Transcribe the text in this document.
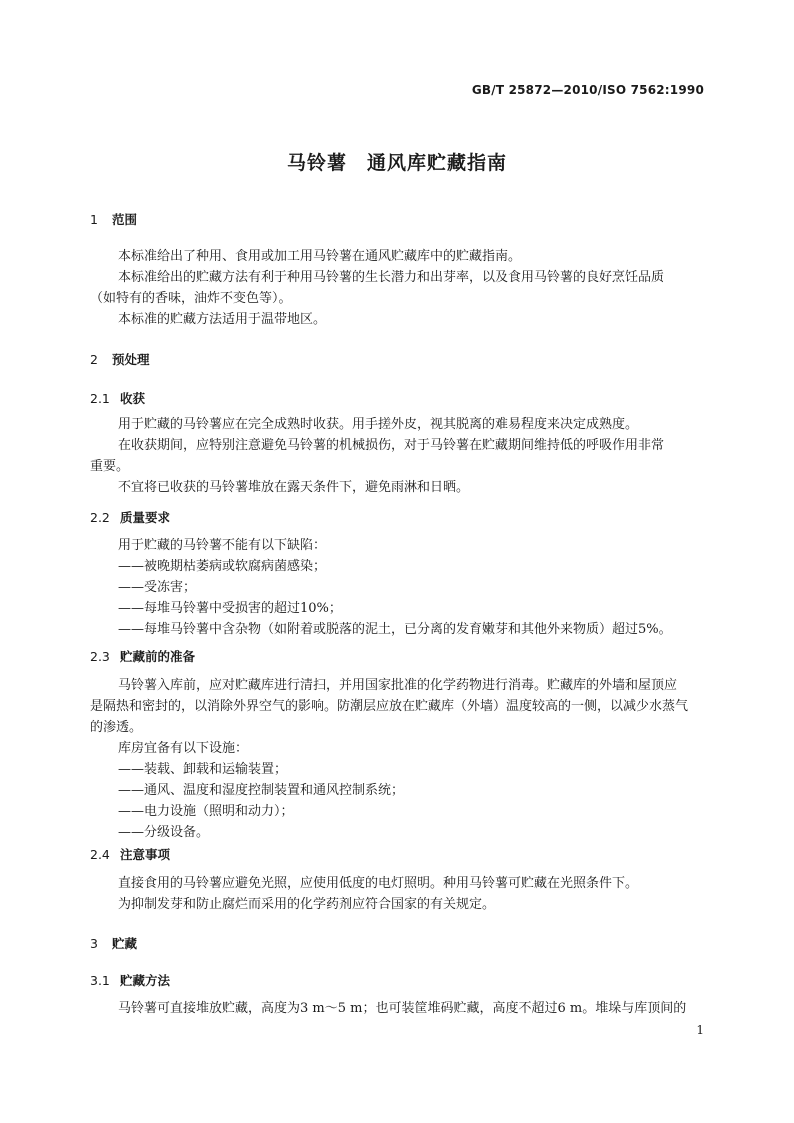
GB/T 25872—2010/ISO 7562:1990
马铃薯　通风库贮藏指南
1 范围
本标准给出了种用、食用或加工用马铃薯在通风贮藏库中的贮藏指南。
本标准给出的贮藏方法有利于种用马铃薯的生长潜力和出芽率，以及食用马铃薯的良好烹饪品质
（如特有的香味，油炸不变色等）。
本标准的贮藏方法适用于温带地区。
2 预处理
2.1 收获
用于贮藏的马铃薯应在完全成熟时收获。用手搓外皮，视其脱离的难易程度来决定成熟度。
在收获期间，应特别注意避免马铃薯的机械损伤，对于马铃薯在贮藏期间维持低的呼吸作用非常
重要。
不宜将已收获的马铃薯堆放在露天条件下，避免雨淋和日晒。
2.2 质量要求
用于贮藏的马铃薯不能有以下缺陷：
——被晚期枯萎病或软腐病菌感染；
——受冻害；
——每堆马铃薯中受损害的超过10%；
——每堆马铃薯中含杂物（如附着或脱落的泥土，已分离的发育嫩芽和其他外来物质）超过5%。
2.3 贮藏前的准备
马铃薯入库前，应对贮藏库进行清扫，并用国家批准的化学药物进行消毒。贮藏库的外墙和屋顶应
是隔热和密封的，以消除外界空气的影响。防潮层应放在贮藏库（外墙）温度较高的一侧，以减少水蒸气
的渗透。
库房宜备有以下设施：
——装载、卸载和运输装置；
——通风、温度和湿度控制装置和通风控制系统；
——电力设施（照明和动力）；
——分级设备。
2.4 注意事项
直接食用的马铃薯应避免光照，应使用低度的电灯照明。种用马铃薯可贮藏在光照条件下。
为抑制发芽和防止腐烂而采用的化学药剂应符合国家的有关规定。
3 贮藏
3.1 贮藏方法
马铃薯可直接堆放贮藏，高度为3 m～5 m；也可装筐堆码贮藏，高度不超过6 m。堆垛与库顶间的
1
